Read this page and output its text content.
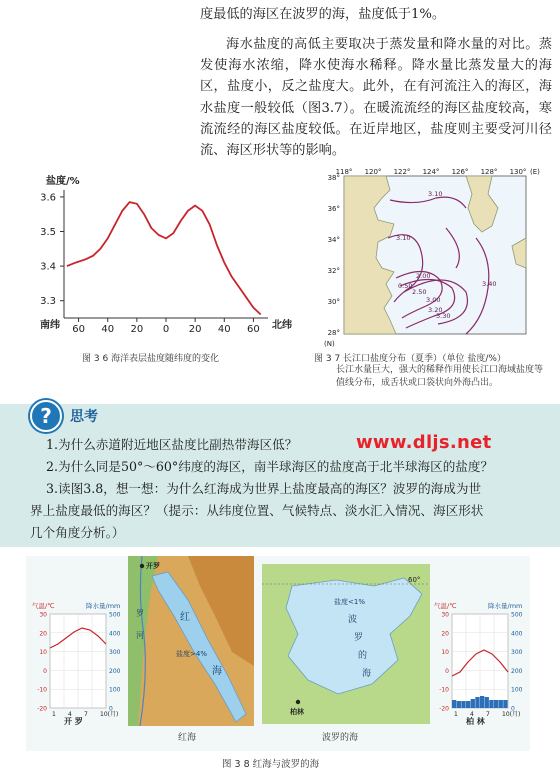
度最低的海区在波罗的海，盐度低于1%。
海水盐度的高低主要取决于蒸发量和降水量的对比。蒸发使海水浓缩，降水使海水稀释。降水量比蒸发量大的海区，盐度小，反之盐度大。此外，在有河流注入的海区，海水盐度一般较低（图3.7）。在暖流流经的海区盐度较高，寒流流经的海区盐度较低。在近岸地区，盐度则主要受河川径流、海区形状等的影响。
盐度/%
3.6
3.5
3.4
3.3
60 40 20 0 20 40 60
南纬	北纬
图 3 6 海洋表层盐度随纬度的变化
3.10
3.10
2.00
0.50
2.50
3.00
3.20
3.30
3.40
118° 120° 122° 124° 126° 128° 130°
38°
36°
34°
32°
30°
28°
(E)
(N)
图 3 7 长江口盐度分布（夏季）（单位 盐度/%）
长江水量巨大，强大的稀释作用使长江口海域盐度等值线分布，成舌状或口袋状向外海凸出。
?	思考
1.为什么赤道附近地区盐度比副热带海区低？
2.为什么同是50°～60°纬度的海区，南半球海区的盐度高于北半球海区的盐度？
3.读图3.8，想一想：为什么红海成为世界上盐度最高的海区？波罗的海成为世
界上盐度最低的海区？（提示：从纬度位置、气候特点、淡水汇入情况、海区形状
几个角度分析。）
www.dljs.net
气温/℃	降水量/mm
30
20
10
0
-10
-20
500
400
300
200
100
0
1 4 7 10(月)
开 罗
开罗
红
海
罗
河
盐度>4%
红海
柏林
盐度<1%
波
罗
的
海
60°
波罗的海
气温/℃	降水量/mm
30
20
10
0
-10
-20
500
400
300
200
100
0
1 4 7 10(月)
柏 林
图 3 8 红海与波罗的海
